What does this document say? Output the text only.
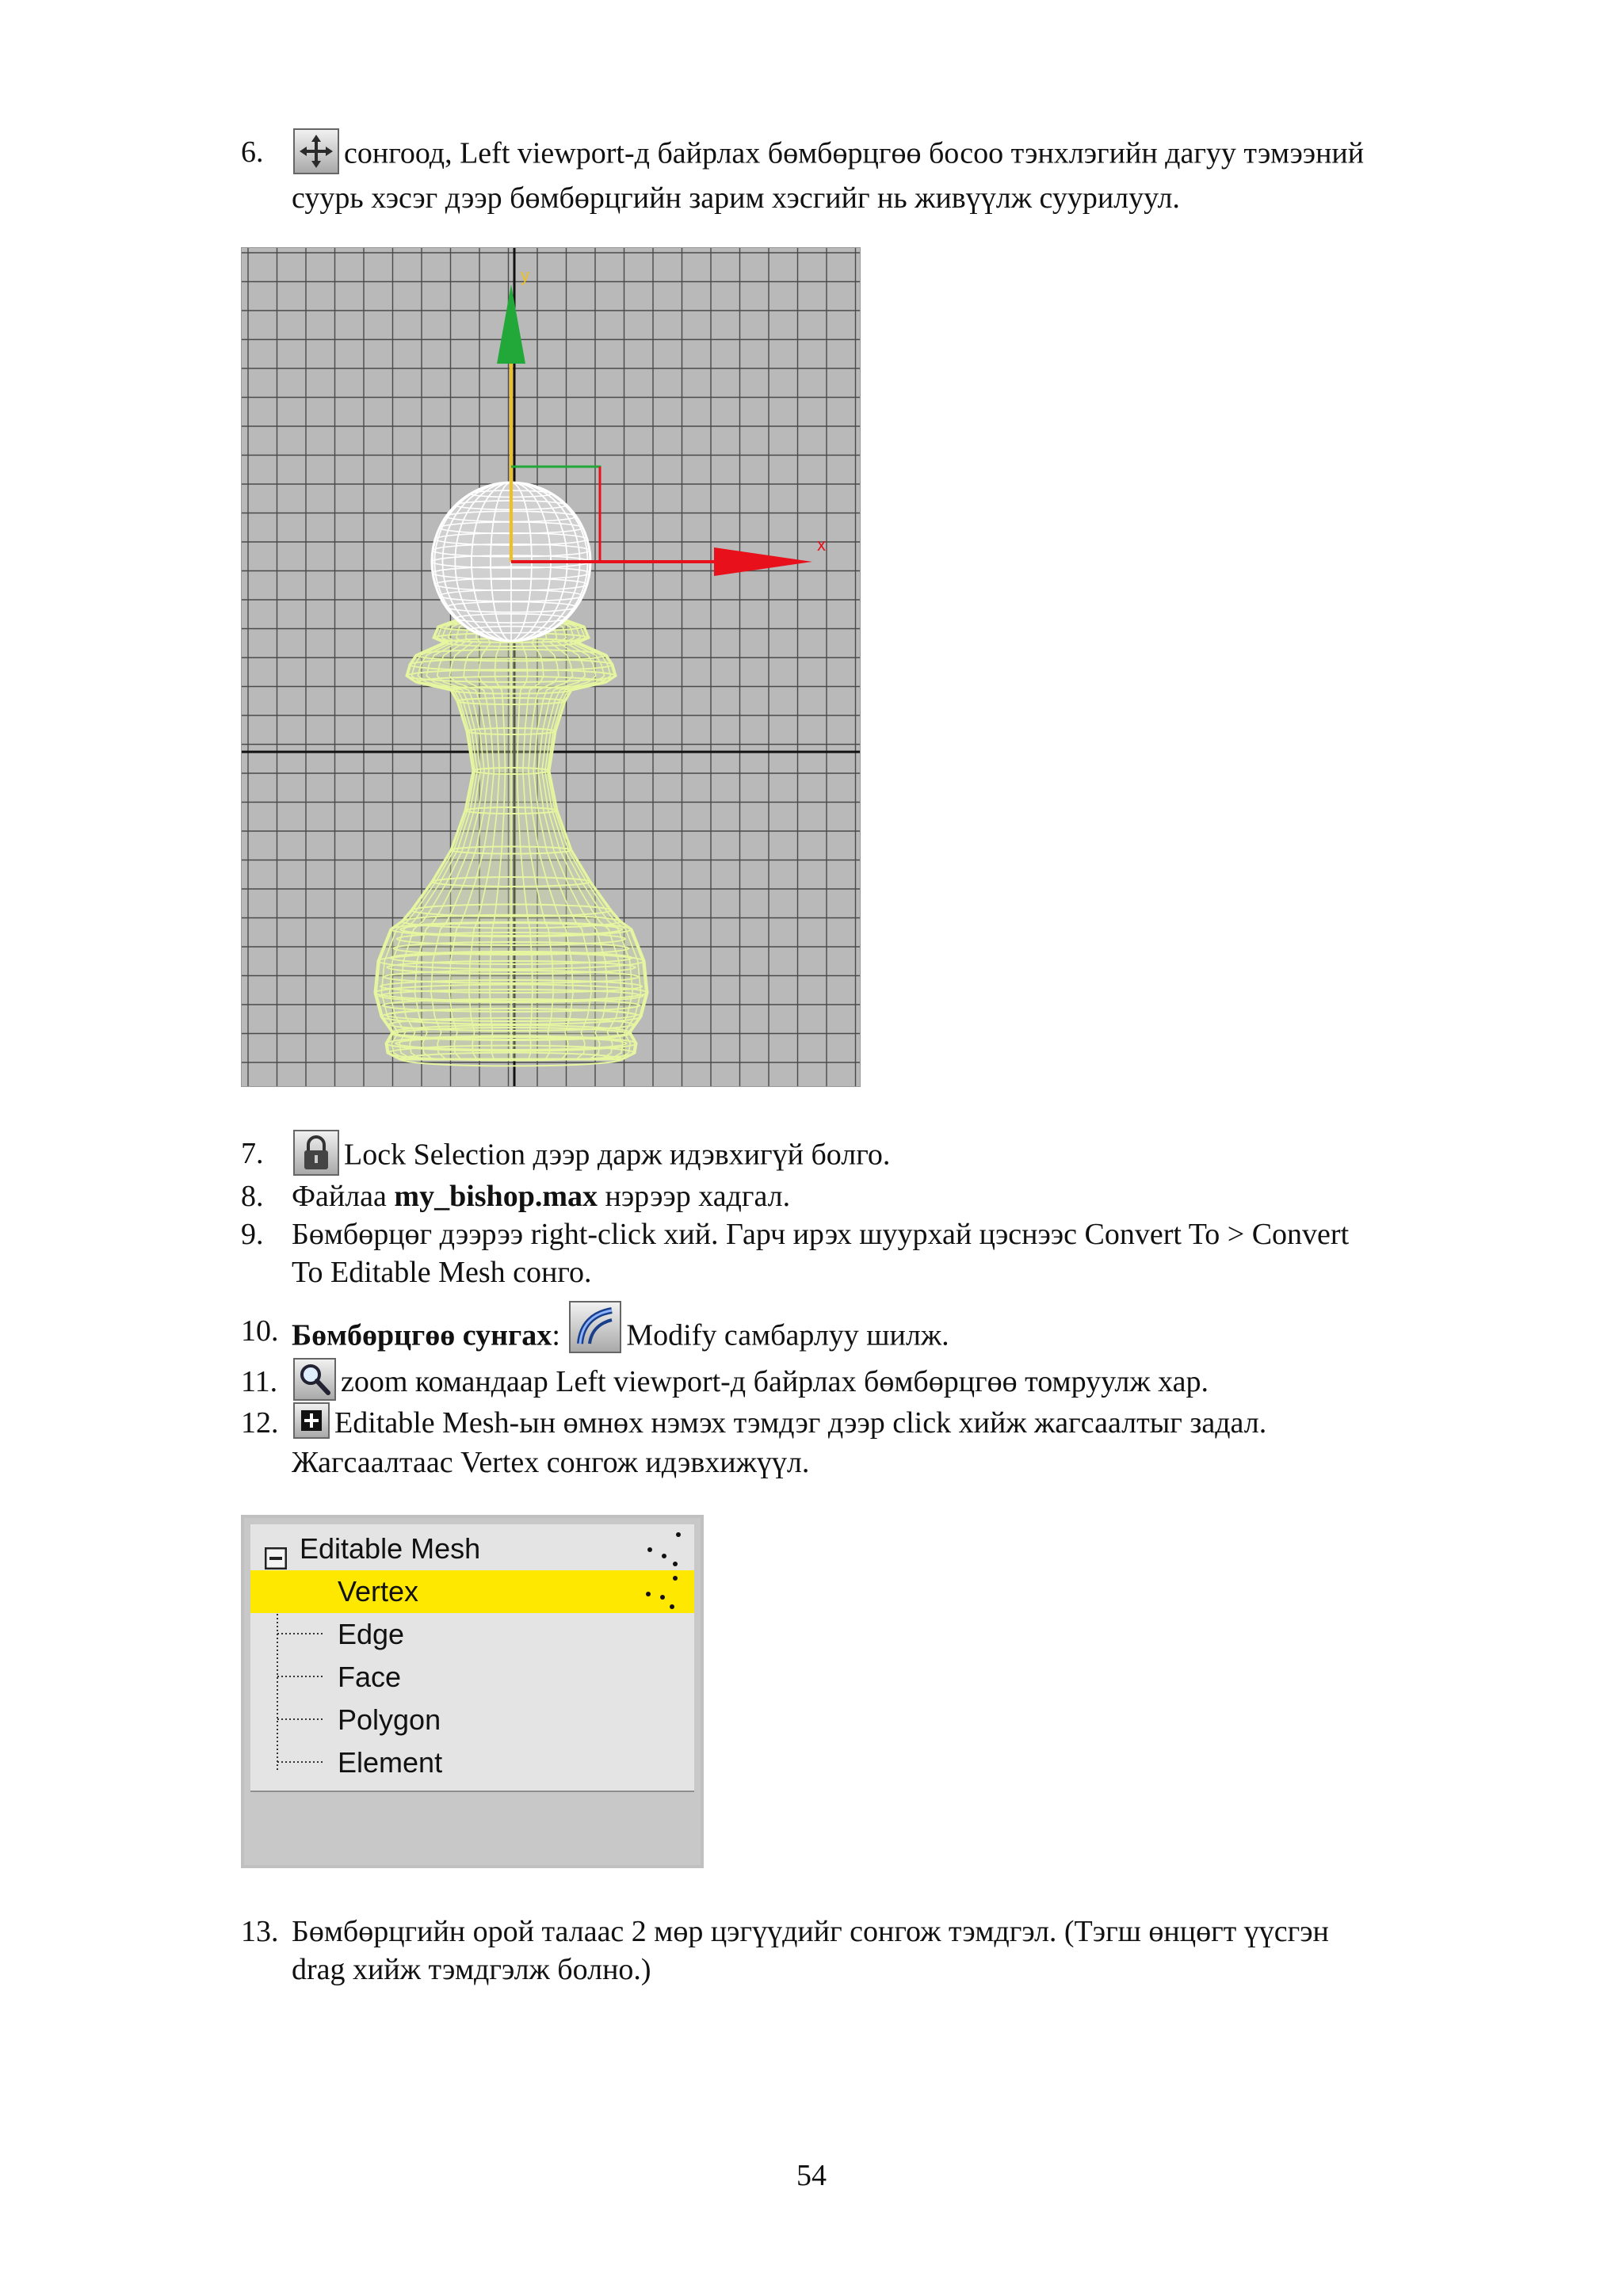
6.	сонгоод, Left viewport-д байрлах бөмбөрцгөө босоо тэнхлэгийн дагуу тэмээний
суурь хэсэг дээр бөмбөрцгийн зарим хэсгийг нь живүүлж суурилуул.
x
y
7.	Lock Selection дээр дарж идэвхигүй болго.
8. Файлаа my_bishop.max нэрээр хадгал.
9. Бөмбөрцөг дээрээ right-click хий. Гарч ирэх шуурхай цэснээс Convert To > Convert
To Editable Mesh сонго.
10. Бөмбөрцгөө сунгах: Modify самбарлуу шилж.
11.	zoom командаар Left viewport-д байрлах бөмбөрцгөө томруулж хар.
12.	Editable Mesh-ын өмнөх нэмэх тэмдэг дээр click хийж жагсаалтыг задал.
Жагсаалтаас Vertex сонгож идэвхижүүл.
Editable Mesh
Vertex
Edge
Face
Polygon
Element
13. Бөмбөрцгийн орой талаас 2 мөр цэгүүдийг сонгож тэмдгэл. (Тэгш өнцөгт үүсгэн
drag хийж тэмдгэлж болно.)
54
